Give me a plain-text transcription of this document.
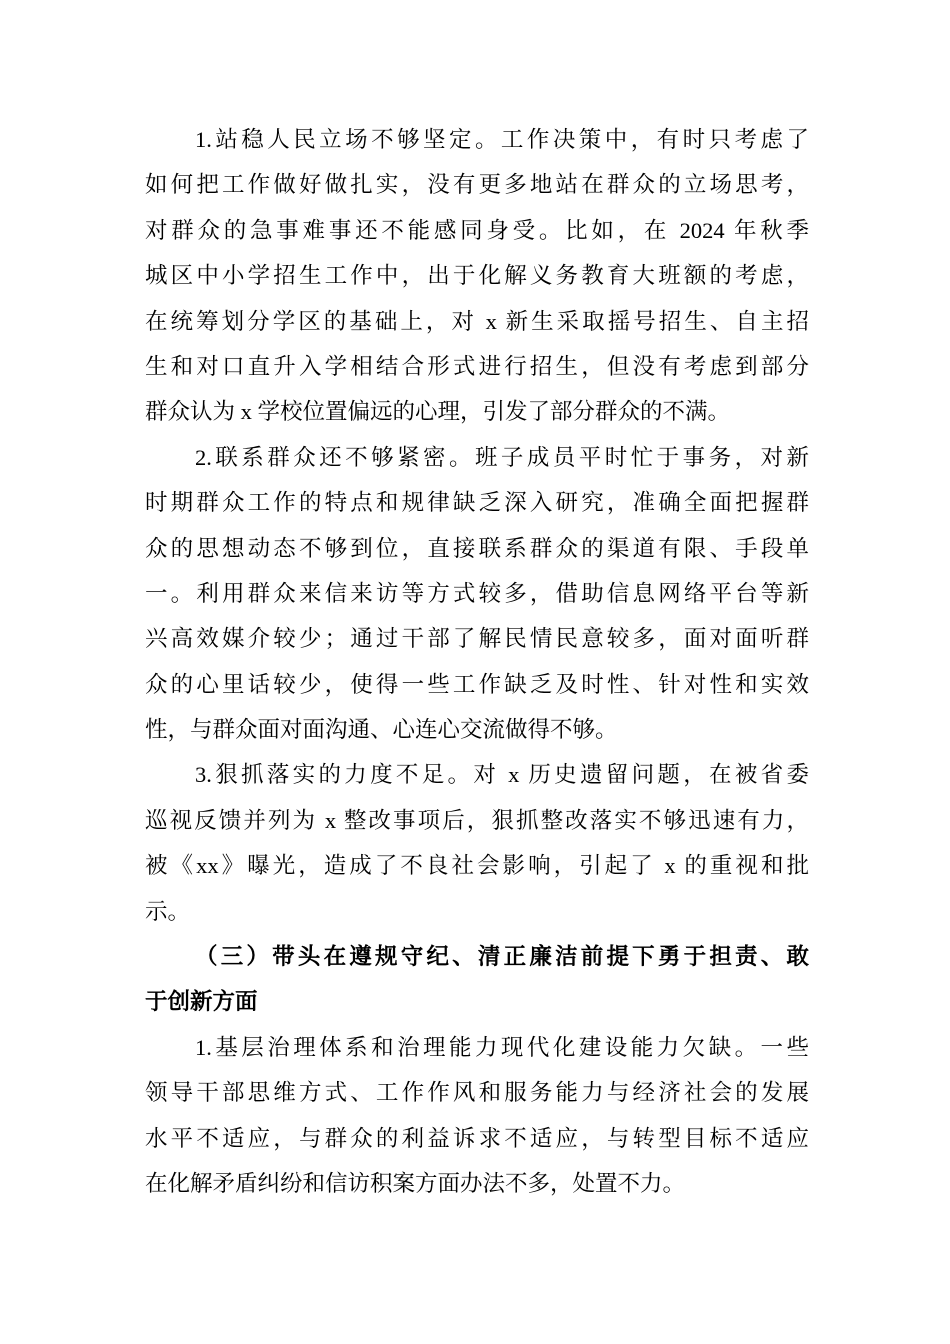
1.站稳人民立场不够坚定。工作决策中，有时只考虑了
如何把工作做好做扎实，没有更多地站在群众的立场思考，
对群众的急事难事还不能感同身受。比如，在 2024 年秋季
城区中小学招生工作中，出于化解义务教育大班额的考虑，
在统筹划分学区的基础上，对 x 新生采取摇号招生、自主招
生和对口直升入学相结合形式进行招生，但没有考虑到部分
群众认为 x 学校位置偏远的心理，引发了部分群众的不满。
2.联系群众还不够紧密。班子成员平时忙于事务，对新
时期群众工作的特点和规律缺乏深入研究，准确全面把握群
众的思想动态不够到位，直接联系群众的渠道有限、手段单
一。利用群众来信来访等方式较多，借助信息网络平台等新
兴高效媒介较少；通过干部了解民情民意较多，面对面听群
众的心里话较少，使得一些工作缺乏及时性、针对性和实效
性，与群众面对面沟通、心连心交流做得不够。
3.狠抓落实的力度不足。对 x 历史遗留问题，在被省委
巡视反馈并列为 x 整改事项后，狠抓整改落实不够迅速有力，
被《xx》曝光，造成了不良社会影响，引起了 x 的重视和批
示。
（三）带头在遵规守纪、清正廉洁前提下勇于担责、敢
于创新方面
1.基层治理体系和治理能力现代化建设能力欠缺。一些
领导干部思维方式、工作作风和服务能力与经济社会的发展
水平不适应，与群众的利益诉求不适应，与转型目标不适应
在化解矛盾纠纷和信访积案方面办法不多，处置不力。
